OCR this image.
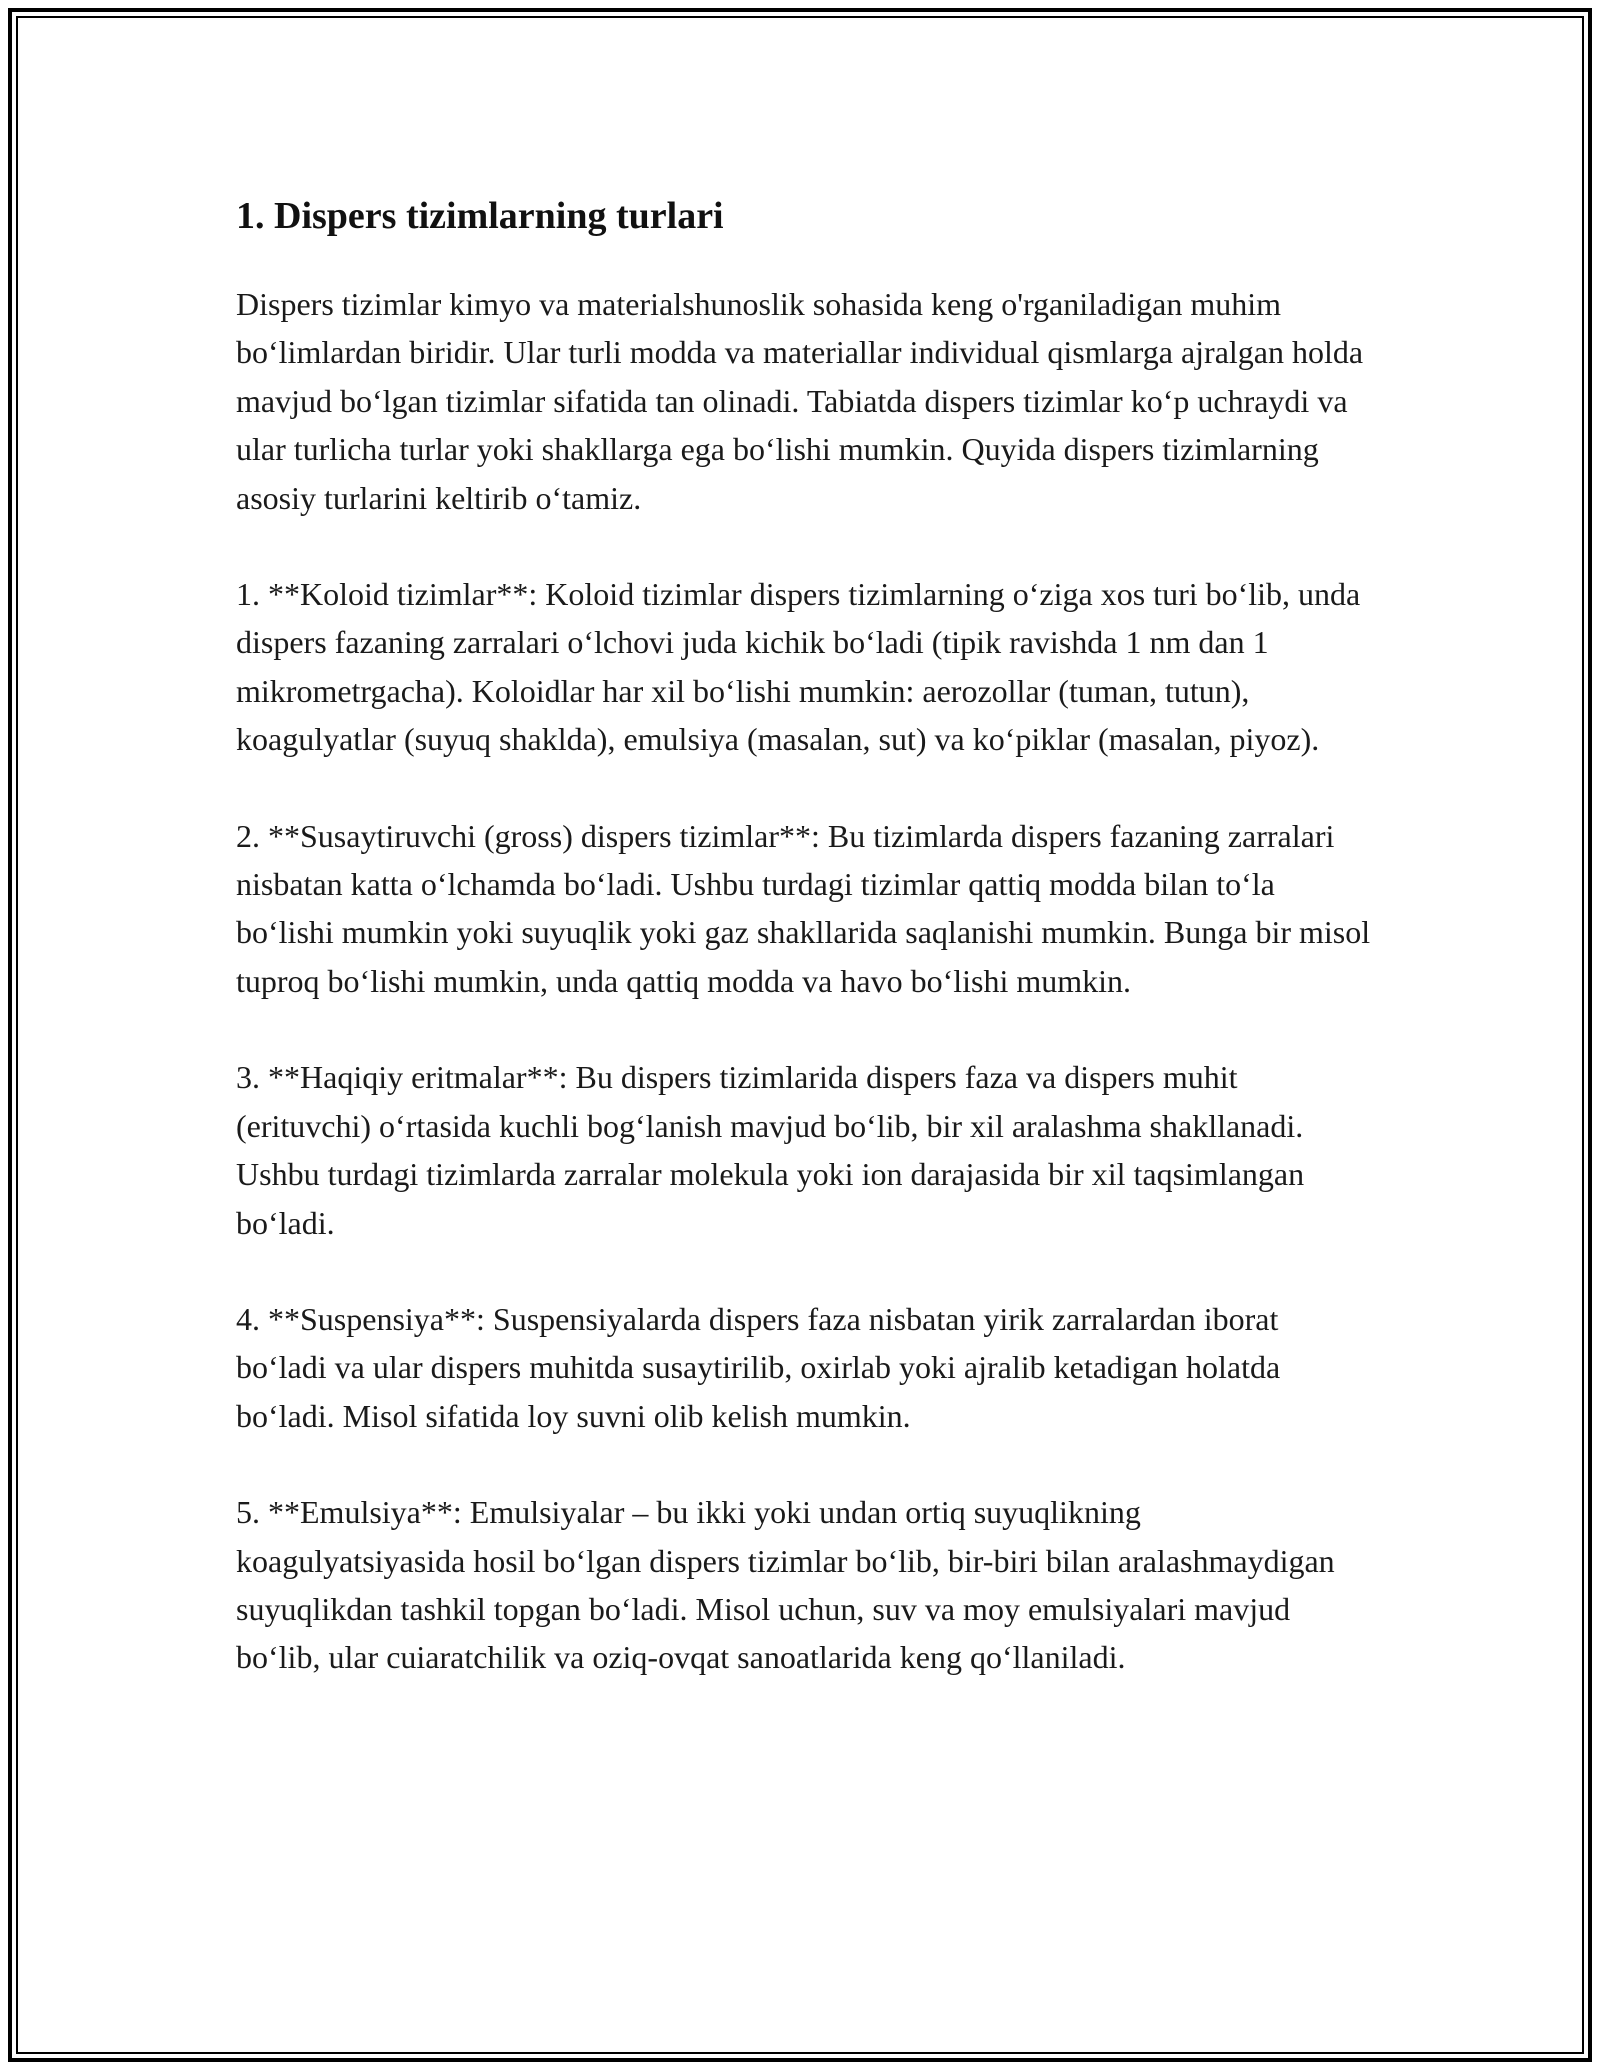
1. Dispers tizimlarning turlari

Dispers tizimlar kimyo va materialshunoslik sohasida keng o'rganiladigan muhim bo‘limlardan biridir. Ular turli modda va materiallar individual qismlarga ajralgan holda mavjud bo‘lgan tizimlar sifatida tan olinadi. Tabiatda dispers tizimlar ko‘p uchraydi va ular turlicha turlar yoki shakllarga ega bo‘lishi mumkin. Quyida dispers tizimlarning asosiy turlarini keltirib o‘tamiz.

1. **Koloid tizimlar**: Koloid tizimlar dispers tizimlarning o‘ziga xos turi bo‘lib, unda dispers fazaning zarralari o‘lchovi juda kichik bo‘ladi (tipik ravishda 1 nm dan 1 mikrometrgacha). Koloidlar har xil bo‘lishi mumkin: aerozollar (tuman, tutun), koagulyatlar (suyuq shaklda), emulsiya (masalan, sut) va ko‘piklar (masalan, piyoz).

2. **Susaytiruvchi (gross) dispers tizimlar**: Bu tizimlarda dispers fazaning zarralari nisbatan katta o‘lchamda bo‘ladi. Ushbu turdagi tizimlar qattiq modda bilan to‘la bo‘lishi mumkin yoki suyuqlik yoki gaz shakllarida saqlanishi mumkin. Bunga bir misol tuproq bo‘lishi mumkin, unda qattiq modda va havo bo‘lishi mumkin.

3. **Haqiqiy eritmalar**: Bu dispers tizimlarida dispers faza va dispers muhit (erituvchi) o‘rtasida kuchli bog‘lanish mavjud bo‘lib, bir xil aralashma shakllanadi. Ushbu turdagi tizimlarda zarralar molekula yoki ion darajasida bir xil taqsimlangan bo‘ladi.

4. **Suspensiya**: Suspensiyalarda dispers faza nisbatan yirik zarralardan iborat bo‘ladi va ular dispers muhitda susaytirilib, oxirlab yoki ajralib ketadigan holatda bo‘ladi. Misol sifatida loy suvni olib kelish mumkin.

5. **Emulsiya**: Emulsiyalar – bu ikki yoki undan ortiq suyuqlikning koagulyatsiyasida hosil bo‘lgan dispers tizimlar bo‘lib, bir-biri bilan aralashmaydigan suyuqlikdan tashkil topgan bo‘ladi. Misol uchun, suv va moy emulsiyalari mavjud bo‘lib, ular cuiaratchilik va oziq-ovqat sanoatlarida keng qo‘llaniladi.
